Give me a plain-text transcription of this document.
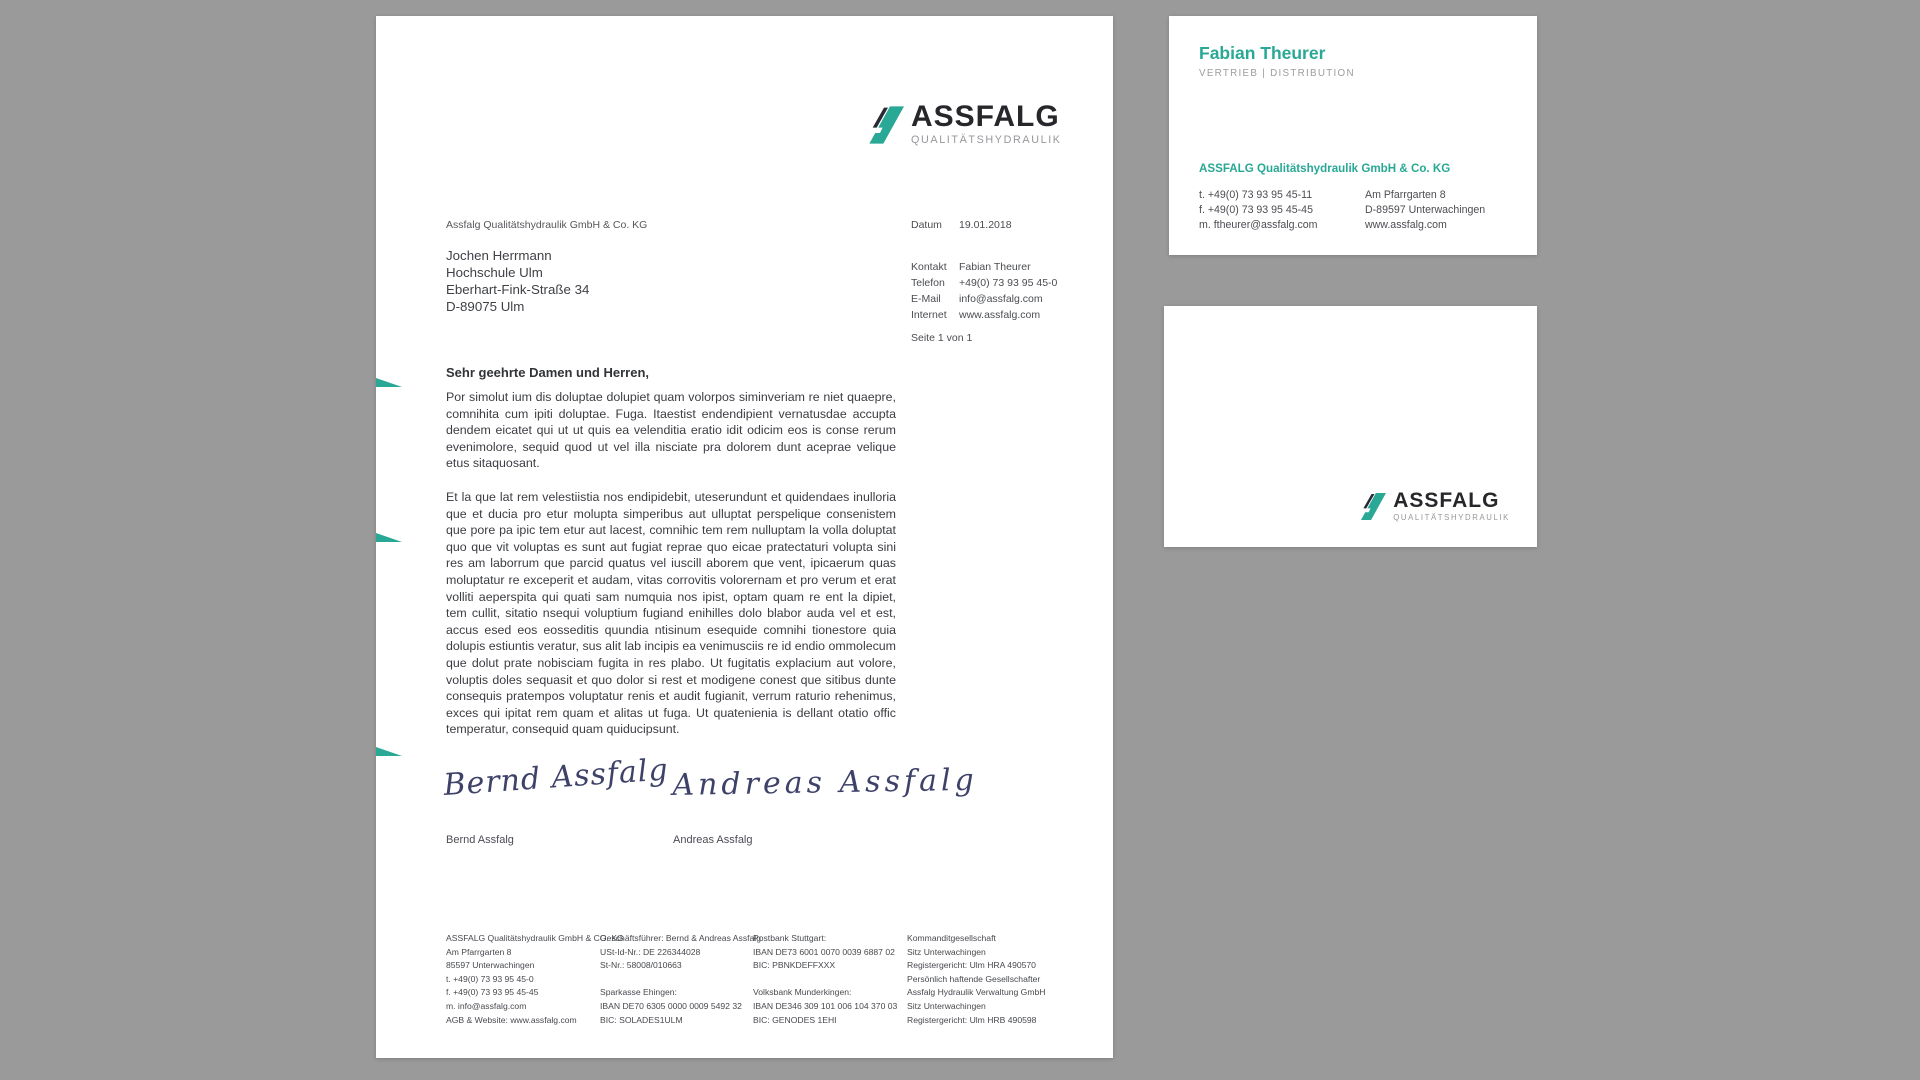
ASSFALG
QUALITÄTSHYDRAULIK
Assfalg Qualitätshydraulik GmbH & Co. KG
Jochen Herrmann
Hochschule Ulm
Eberhart-Fink-Straße 34
D-89075 Ulm
Datum 19.01.2018
Kontakt Fabian Theurer
Telefon +49(0) 73 93 95 45-0
E-Mail info@assfalg.com
Internet www.assfalg.com
Seite 1 von 1
Sehr geehrte Damen und Herren,
Por simolut ium dis doluptae dolupiet quam volorpos siminveriam re niet quaepre, comnihita cum ipiti doluptae. Fuga. Itaestist endendipient vernatusdae accupta dendem eicatet qui ut ut quis ea velenditia eratio idit odicim eos is conse rerum evenimolore, sequid quod ut vel illa nisciate pra dolorem dunt aceprae velique etus sitaquosant.
Et la que lat rem velestiistia nos endipidebit, uteserundunt et quidendaes inulloria que et ducia pro etur molupta simperibus aut ulluptat perspelique consenistem que pore pa ipic tem etur aut lacest, comnihic tem rem nulluptam la volla doluptat quo que vit voluptas es sunt aut fugiat reprae quo eicae pratectaturi volupta sini res am laborrum que parcid quatus vel iuscill aborem que vent, ipicaerum quas moluptatur re exceperit et audam, vitas corrovitis volorernam et pro verum et erat volliti aeperspita qui quati sam numquia nos ipist, optam quam re ent la dipiet, tem cullit, sitatio nsequi voluptium fugiand enihilles dolo blabor auda vel et est, accus esed eos eosseditis quundia ntisinum esequide comnihi tionestore quia dolupis estiuntis veratur, sus alit lab incipis ea venimusciis re id endio ommolecum que dolut prate nobisciam fugita in res plabo. Ut fugitatis explacium aut volore, voluptis doles sequasit et quo dolor si rest et modigene conest que sitibus dunte consequis pratempos voluptatur renis et audit fugianit, verrum raturio rehenimus, exces qui ipitat rem quam et alitas ut fuga. Ut quatenienia is dellant otatio offic temperatur, consequid quam quiducipsunt.
Bernd Assfalg
Bernd Assfalg
Andreas Assfalg
Andreas Assfalg
ASSFALG Qualitätshydraulik GmbH & CO. KG
Am Pfarrgarten 8
85597 Unterwachingen
t. +49(0) 73 93 95 45-0
f. +49(0) 73 93 95 45-45
m. info@assfalg.com
AGB & Website: www.assfalg.com
Geschäftsführer: Bernd & Andreas Assfalg
USt-Id-Nr.: DE 226344028
St-Nr.: 58008/010663
Sparkasse Ehingen:
IBAN DE70 6305 0000 0009 5492 32
BIC: SOLADES1ULM
Postbank Stuttgart:
IBAN DE73 6001 0070 0039 6887 02
BIC: PBNKDEFFXXX
Volksbank Munderkingen:
IBAN DE346 309 101 006 104 370 03
BIC: GENODES 1EHI
Kommanditgesellschaft
Sitz Unterwachingen
Registergericht: Ulm HRA 490570
Persönlich haftende Gesellschafter
Assfalg Hydraulik Verwaltung GmbH
Sitz Unterwachingen
Registergericht: Ulm HRB 490598
Fabian Theurer
VERTRIEB | DISTRIBUTION
ASSFALG Qualitätshydraulik GmbH & Co. KG
t. +49(0) 73 93 95 45-11
f. +49(0) 73 93 95 45-45
m. ftheurer@assfalg.com
Am Pfarrgarten 8
D-89597 Unterwachingen
www.assfalg.com
ASSFALG
QUALITÄTSHYDRAULIK
